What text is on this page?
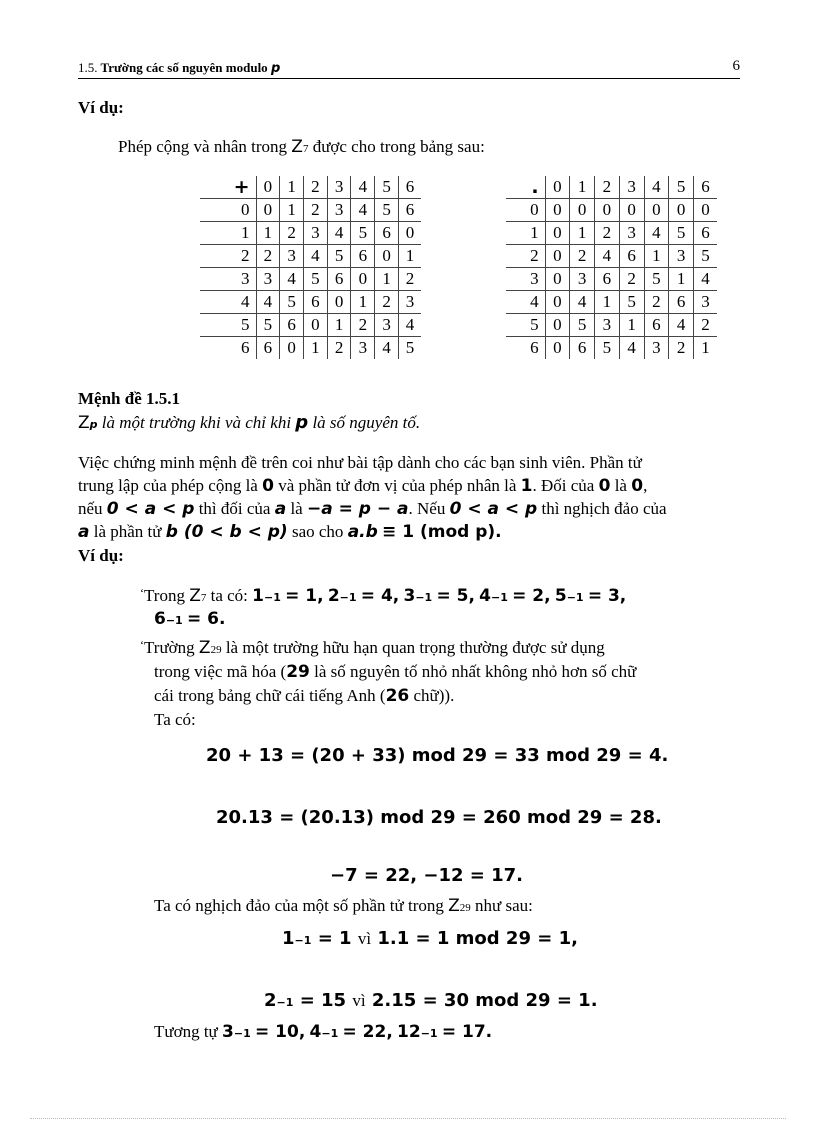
1.5. Trường các số nguyên modulo p	6
Ví dụ:
Phép cộng và nhân trong Z7 được cho trong bảng sau:
+	0	1	2	3	4	5	6
0	0	1	2	3	4	5	6
1	1	2	3	4	5	6	0
2	2	3	4	5	6	0	1
3	3	4	5	6	0	1	2
4	4	5	6	0	1	2	3
5	5	6	0	1	2	3	4
6	6	0	1	2	3	4	5
.	0	1	2	3	4	5	6
0	0	0	0	0	0	0	0
1	0	1	2	3	4	5	6
2	0	2	4	6	1	3	5
3	0	3	6	2	5	1	4
4	0	4	1	5	2	6	3
5	0	5	3	1	6	4	2
6	0	6	5	4	3	2	1
Mệnh đề 1.5.1
Zp là một trường khi và chỉ khi p là số nguyên tố.
Việc chứng minh mệnh đề trên coi như bài tập dành cho các bạn sinh viên. Phần tử
trung lập của phép cộng là 0 và phần tử đơn vị của phép nhân là 1. Đối của 0 là 0,
nếu 0 < a < p thì đối của a là −a = p − a. Nếu 0 < a < p thì nghịch đảo của
a là phần tử b (0 < b < p) sao cho a.b ≡ 1 (mod p).
Ví dụ:
‘Trong Z7 ta có: 1−1 = 1, 2−1 = 4, 3−1 = 5, 4−1 = 2, 5−1 = 3,
6−1 = 6.
‘Trường Z29 là một trường hữu hạn quan trọng thường được sử dụng
trong việc mã hóa (29 là số nguyên tố nhỏ nhất không nhỏ hơn số chữ
cái trong bảng chữ cái tiếng Anh (26 chữ)).
Ta có:
20 + 13 = (20 + 33) mod 29 = 33 mod 29 = 4.
20.13 = (20.13) mod 29 = 260 mod 29 = 28.
−7 = 22, −12 = 17.
Ta có nghịch đảo của một số phần tử trong Z29 như sau:
1−1 = 1 vì 1.1 = 1 mod 29 = 1,
2−1 = 15 vì 2.15 = 30 mod 29 = 1.
Tương tự 3−1 = 10, 4−1 = 22, 12−1 = 17.
